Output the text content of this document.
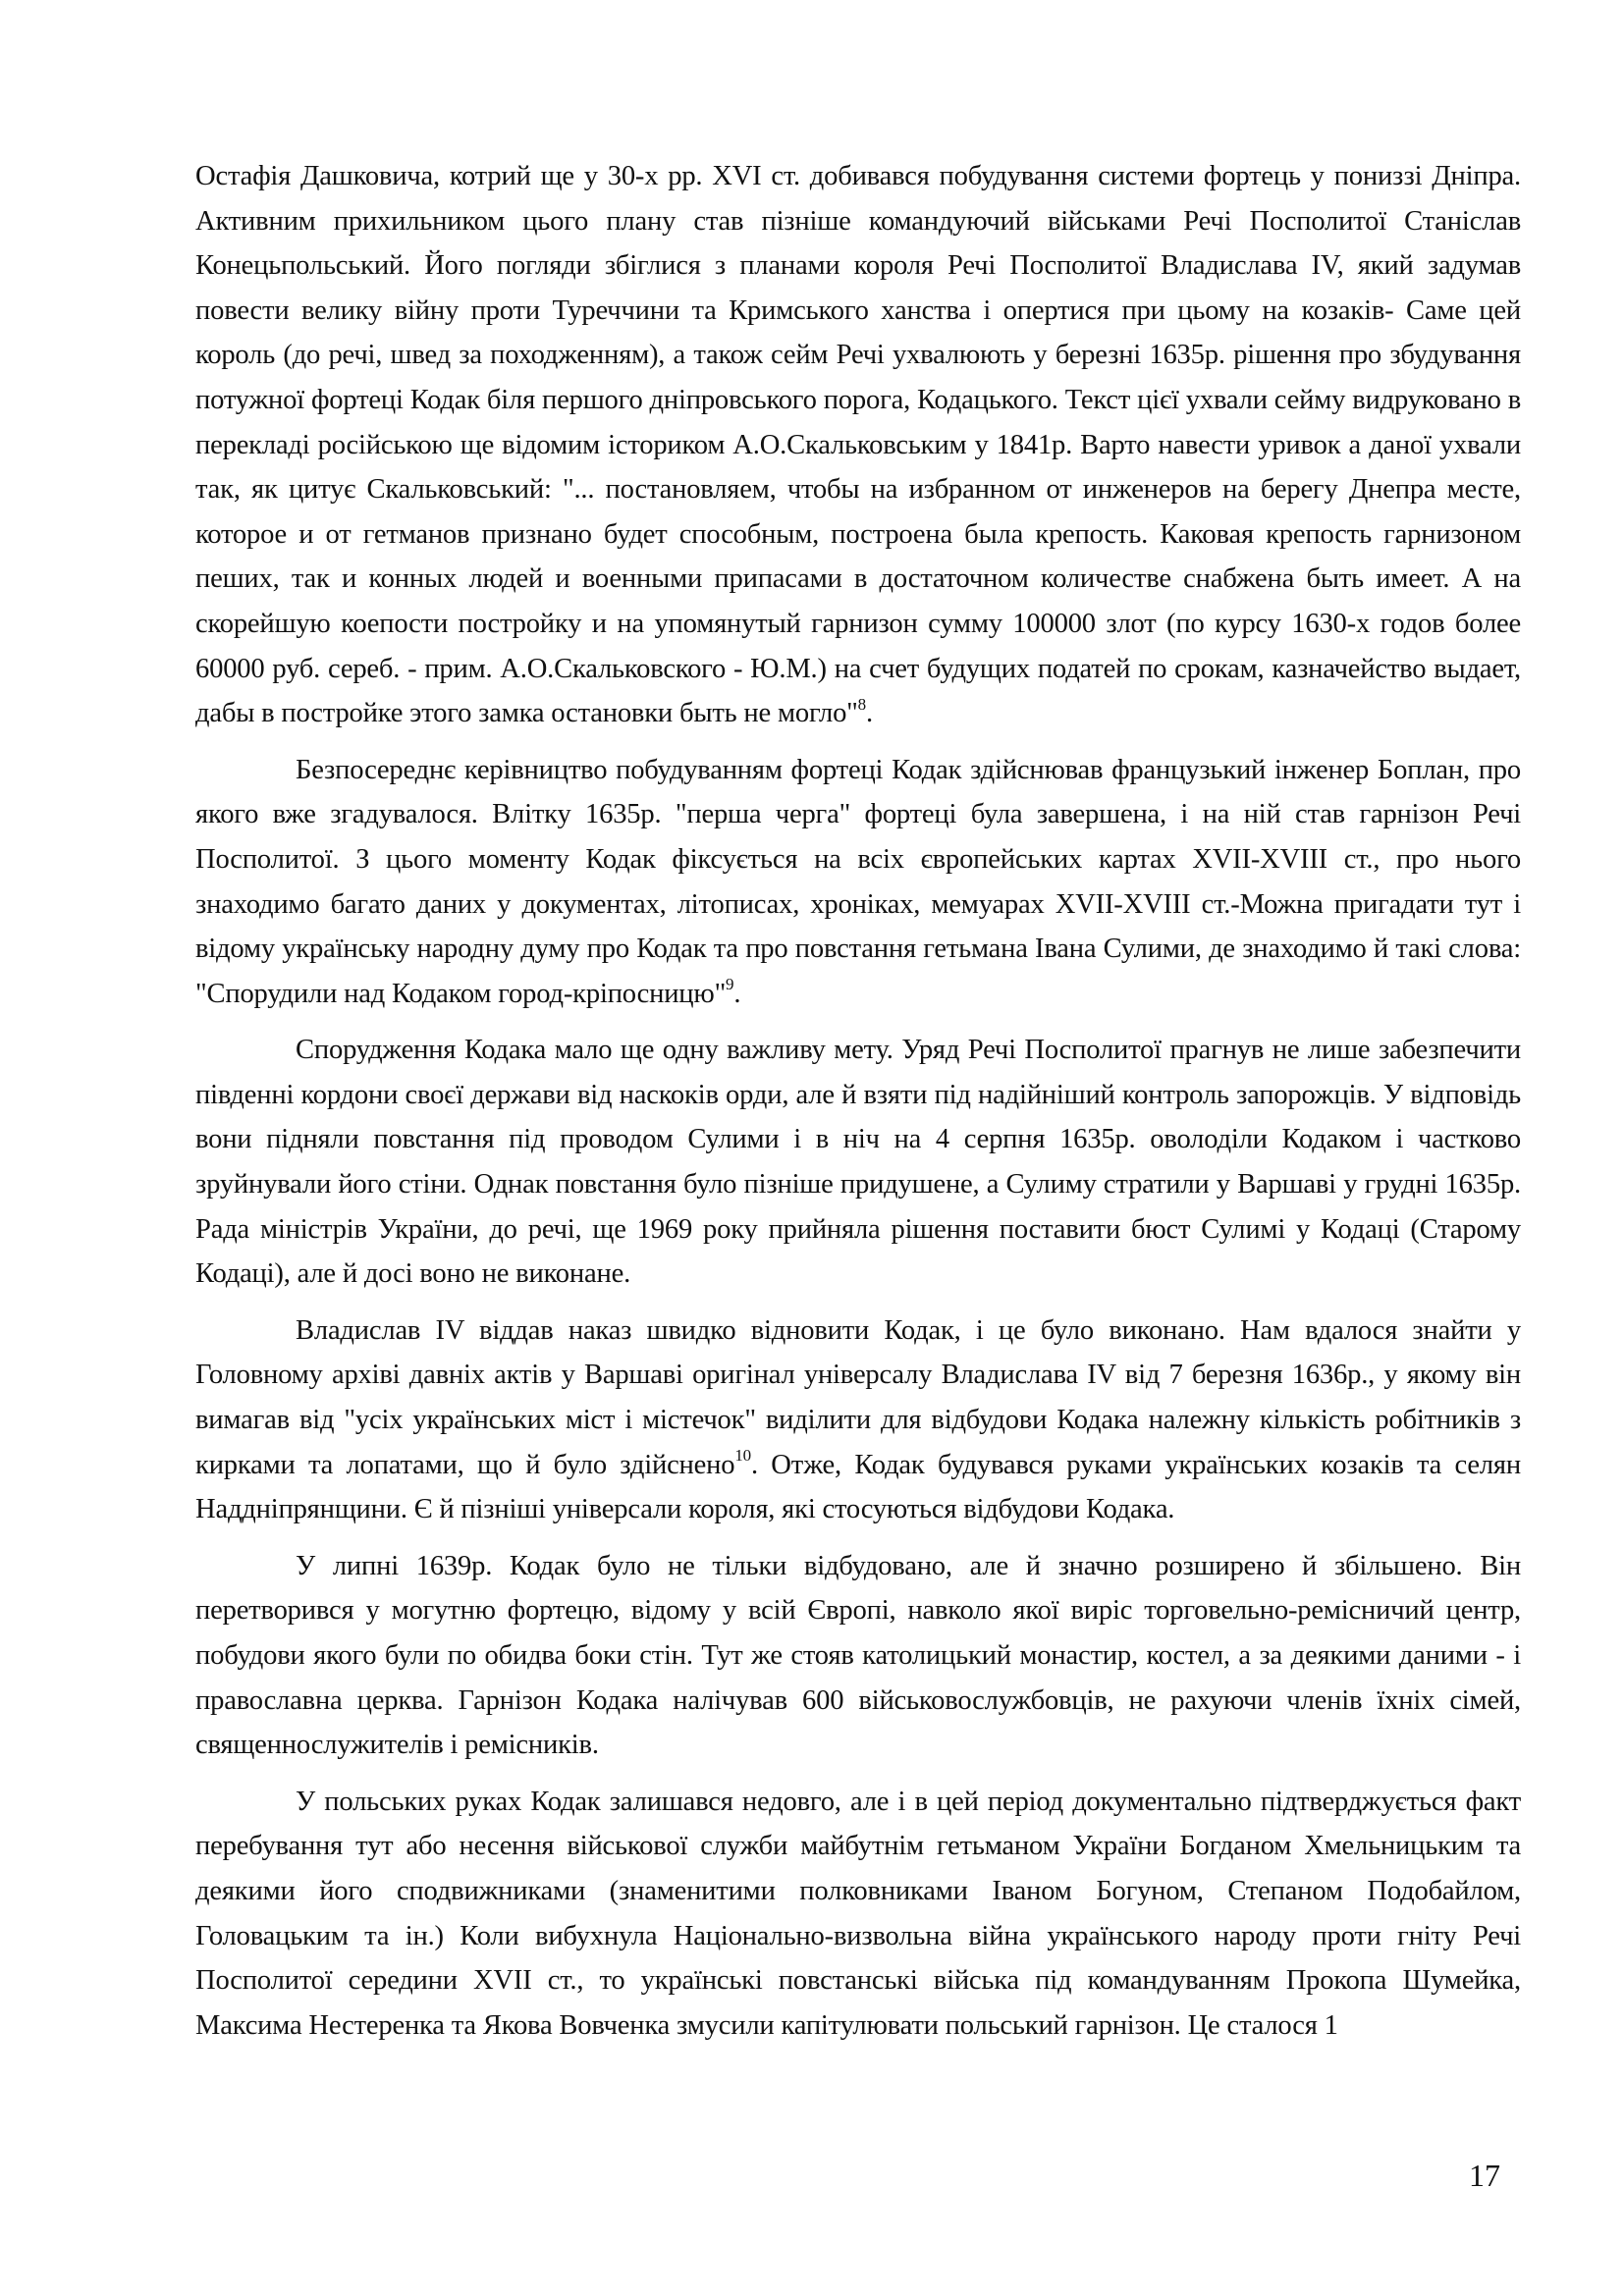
Остафія Дашковича, котрий ще у 30-х рр. XVI ст. добивався побудування системи фортець у пониззі Дніпра. Активним прихильником цього плану став пізніше командуючий військами Речі Посполитої Станіслав Конецьпольський. Його погляди збіглися з планами короля Речі Посполитої Владислава IV, який задумав повести велику війну проти Туреччини та Кримського ханства і опертися при цьому на козаків- Саме цей король (до речі, швед за походженням), а також сейм Речі ухвалюють у березні 1635р. рішення про збудування потужної фортеці Кодак біля першого дніпровського порога, Кодацького. Текст цієї ухвали сейму видруковано в перекладі російською ще відомим істориком А.О.Скальковським у 1841р. Варто навести уривок а даної ухвали так, як цитує Скальковський: "... постановляем, чтобы на избранном от инженеров на берегу Днепра месте, которое и от гетманов признано будет способным, построена была крепость. Каковая крепость гарнизоном пеших, так и конных людей и военными припасами в достаточном количестве снабжена быть имеет. А на скорейшую коепости постройку и на упомянутый гарнизон сумму 100000 злот (по курсу 1630-х годов более 60000 руб. сереб. - прим. А.О.Скальковского - Ю.М.) на счет будущих податей по срокам, казначейство выдает, дабы в постройке этого замка остановки быть не могло"$^8$.

Безпосереднє керівництво побудуванням фортеці Кодак здійснював французький інженер Боплан, про якого вже згадувалося. Влітку 1635р. "перша черга" фортеці була завершена, і на ній став гарнізон Речі Посполитої. З цього моменту Кодак фіксується на всіх європейських картах XVII-XVIII ст., про нього знаходимо багато даних у документах, літописах, хроніках, мемуарах XVII-XVIII ст.-Можна пригадати тут і відому українську народну думу про Кодак та про повстання гетьмана Івана Сулими, де знаходимо й такі слова: "Спорудили над Кодаком город-кріпосницю"$^9$.

Спорудження Кодака мало ще одну важливу мету. Уряд Речі Посполитої прагнув не лише забезпечити південні кордони своєї держави від наскоків орди, але й взяти під надійніший контроль запорожців. У відповідь вони підняли повстання під проводом Сулими і в ніч на 4 серпня 1635р. оволоділи Кодаком і частково зруйнували його стіни. Однак повстання було пізніше придушене, а Сулиму стратили у Варшаві у грудні 1635р. Рада міністрів України, до речі, ще 1969 року прийняла рішення поставити бюст Сулимі у Кодаці (Старому Кодаці), але й досі воно не виконане.

Владислав IV віддав наказ швидко відновити Кодак, і це було виконано. Нам вдалося знайти у Головному архіві давніх актів у Варшаві оригінал універсалу Владислава IV від 7 березня 1636р., у якому він вимагав від "усіх українських міст і містечок" виділити для відбудови Кодака належну кількість робітників з кирками та лопатами, що й було здійснено$^{10}$. Отже, Кодак будувався руками українських козаків та селян Наддніпрянщини. Є й пізніші універсали короля, які стосуються відбудови Кодака.

У липні 1639р. Кодак було не тільки відбудовано, але й значно розширено й збільшено. Він перетворився у могутню фортецю, відому у всій Європі, навколо якої виріс торговельно-ремісничий центр, побудови якого були по обидва боки стін. Тут же стояв католицький монастир, костел, а за деякими даними - і православна церква. Гарнізон Кодака налічував 600 військовослужбовців, не рахуючи членів їхніх сімей, священнослужителів і ремісників.

У польських руках Кодак залишався недовго, але і в цей період документально підтверджується факт перебування тут або несення військової служби майбутнім гетьманом України Богданом Хмельницьким та деякими його сподвижниками (знаменитими полковниками Іваном Богуном, Степаном Подобайлом, Головацьким та ін.) Коли вибухнула Національно-визвольна війна українського народу проти гніту Речі Посполитої середини XVII ст., то українські повстанські війська під командуванням Прокопа Шумейка, Максима Нестеренка та Якова Вовченка змусили капітулювати польський гарнізон. Це сталося 1

17
